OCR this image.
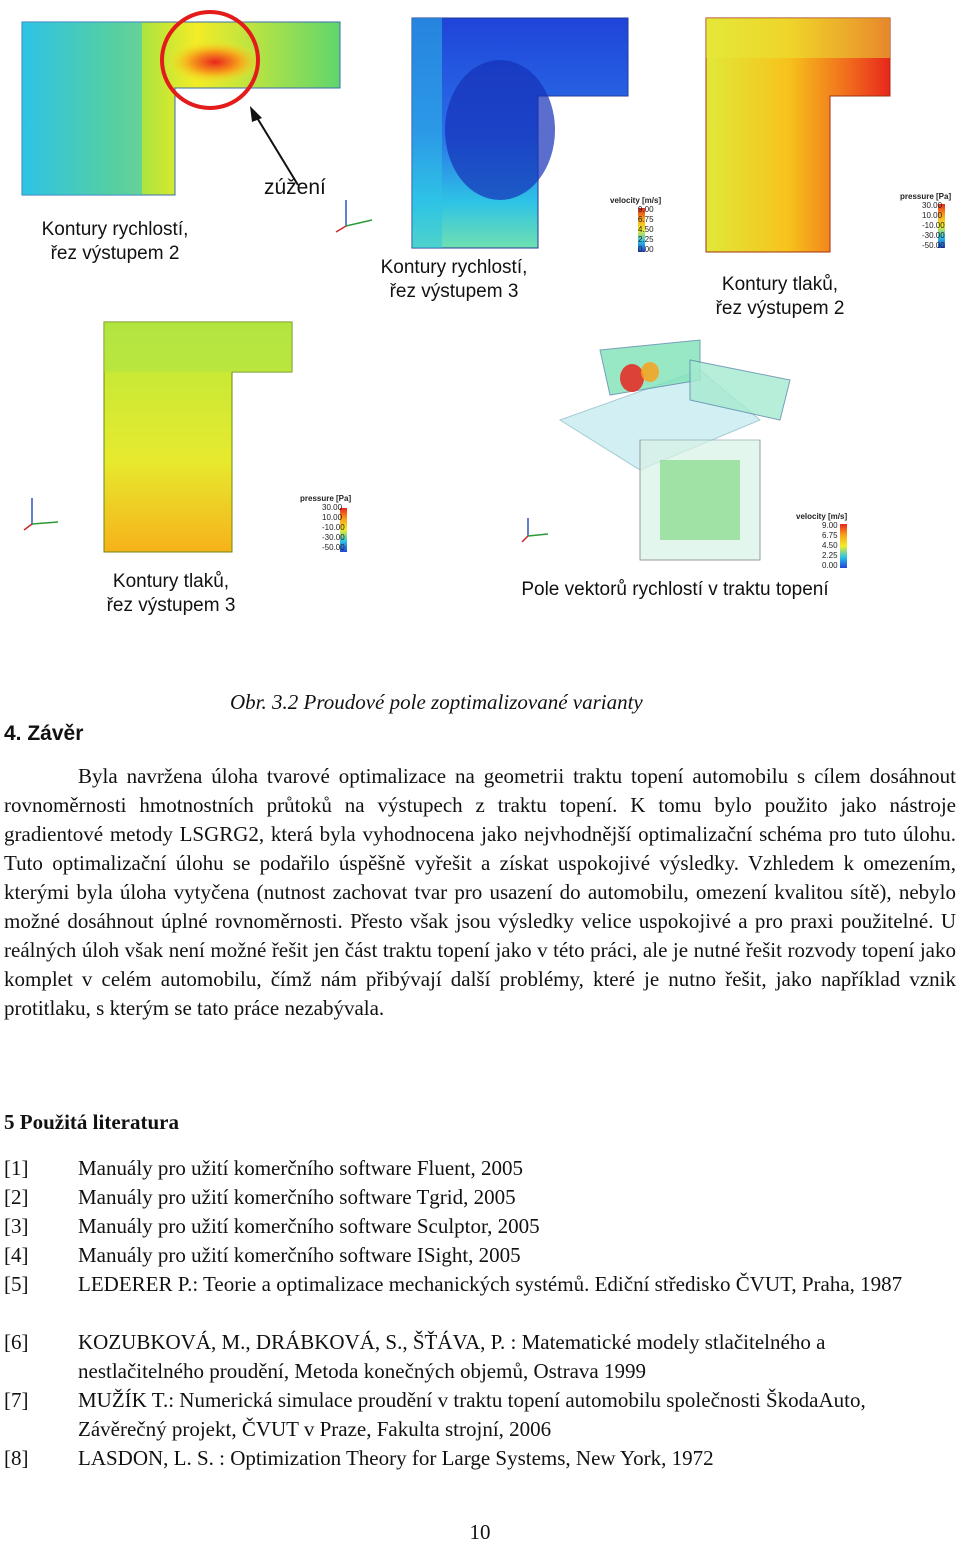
zúžení
Kontury rychlostí,
řez výstupem 2
Kontury rychlostí,
řez výstupem 3	Kontury tlaků,
řez výstupem 2
Kontury tlaků,
řez výstupem 3
Pole vektorů rychlostí v traktu topení
velocity [m/s]
9.00
6.75
4.50
2.25
0.00
pressure [Pa]
30.00
10.00
-10.00
-30.00
-50.00
pressure [Pa]
30.00
10.00
-10.00
-30.00
-50.00
velocity [m/s]
9.00
6.75
4.50
2.25
0.00
Obr. 3.2 Proudové pole zoptimalizované varianty
4. Závěr
Byla navržena úloha tvarové optimalizace na geometrii traktu topení automobilu s cílem dosáhnout rovnoměrnosti hmotnostních průtoků na výstupech z traktu topení. K tomu bylo použito jako nástroje gradientové metody LSGRG2, která byla vyhodnocena jako nejvhodnější optimalizační schéma pro tuto úlohu. Tuto optimalizační úlohu se podařilo úspěšně vyřešit a získat uspokojivé výsledky. Vzhledem k omezením, kterými byla úloha vytyčena (nutnost zachovat tvar pro usazení do automobilu, omezení kvalitou sítě), nebylo možné dosáhnout úplné rovnoměrnosti. Přesto však jsou výsledky velice uspokojivé a pro praxi použitelné. U reálných úloh však není možné řešit jen část traktu topení jako v této práci, ale je nutné řešit rozvody topení jako komplet v celém automobilu, čímž nám přibývají další problémy, které je nutno řešit, jako například vznik protitlaku, s kterým se tato práce nezabývala.
5 Použitá literatura
[1] Manuály pro užití komerčního software Fluent, 2005
[2] Manuály pro užití komerčního software Tgrid, 2005
[3] Manuály pro užití komerčního software Sculptor, 2005
[4] Manuály pro užití komerčního software ISight, 2005
[5] LEDERER P.: Teorie a optimalizace mechanických systémů. Ediční středisko ČVUT, Praha, 1987
[6] KOZUBKOVÁ, M., DRÁBKOVÁ, S., ŠŤÁVA, P. : Matematické modely stlačitelného a nestlačitelného proudění, Metoda konečných objemů, Ostrava 1999
[7] MUŽÍK T.: Numerická simulace proudění v traktu topení automobilu společnosti ŠkodaAuto, Závěrečný projekt, ČVUT v Praze, Fakulta strojní, 2006
[8] LASDON, L. S. : Optimization Theory for Large Systems, New York, 1972
10
